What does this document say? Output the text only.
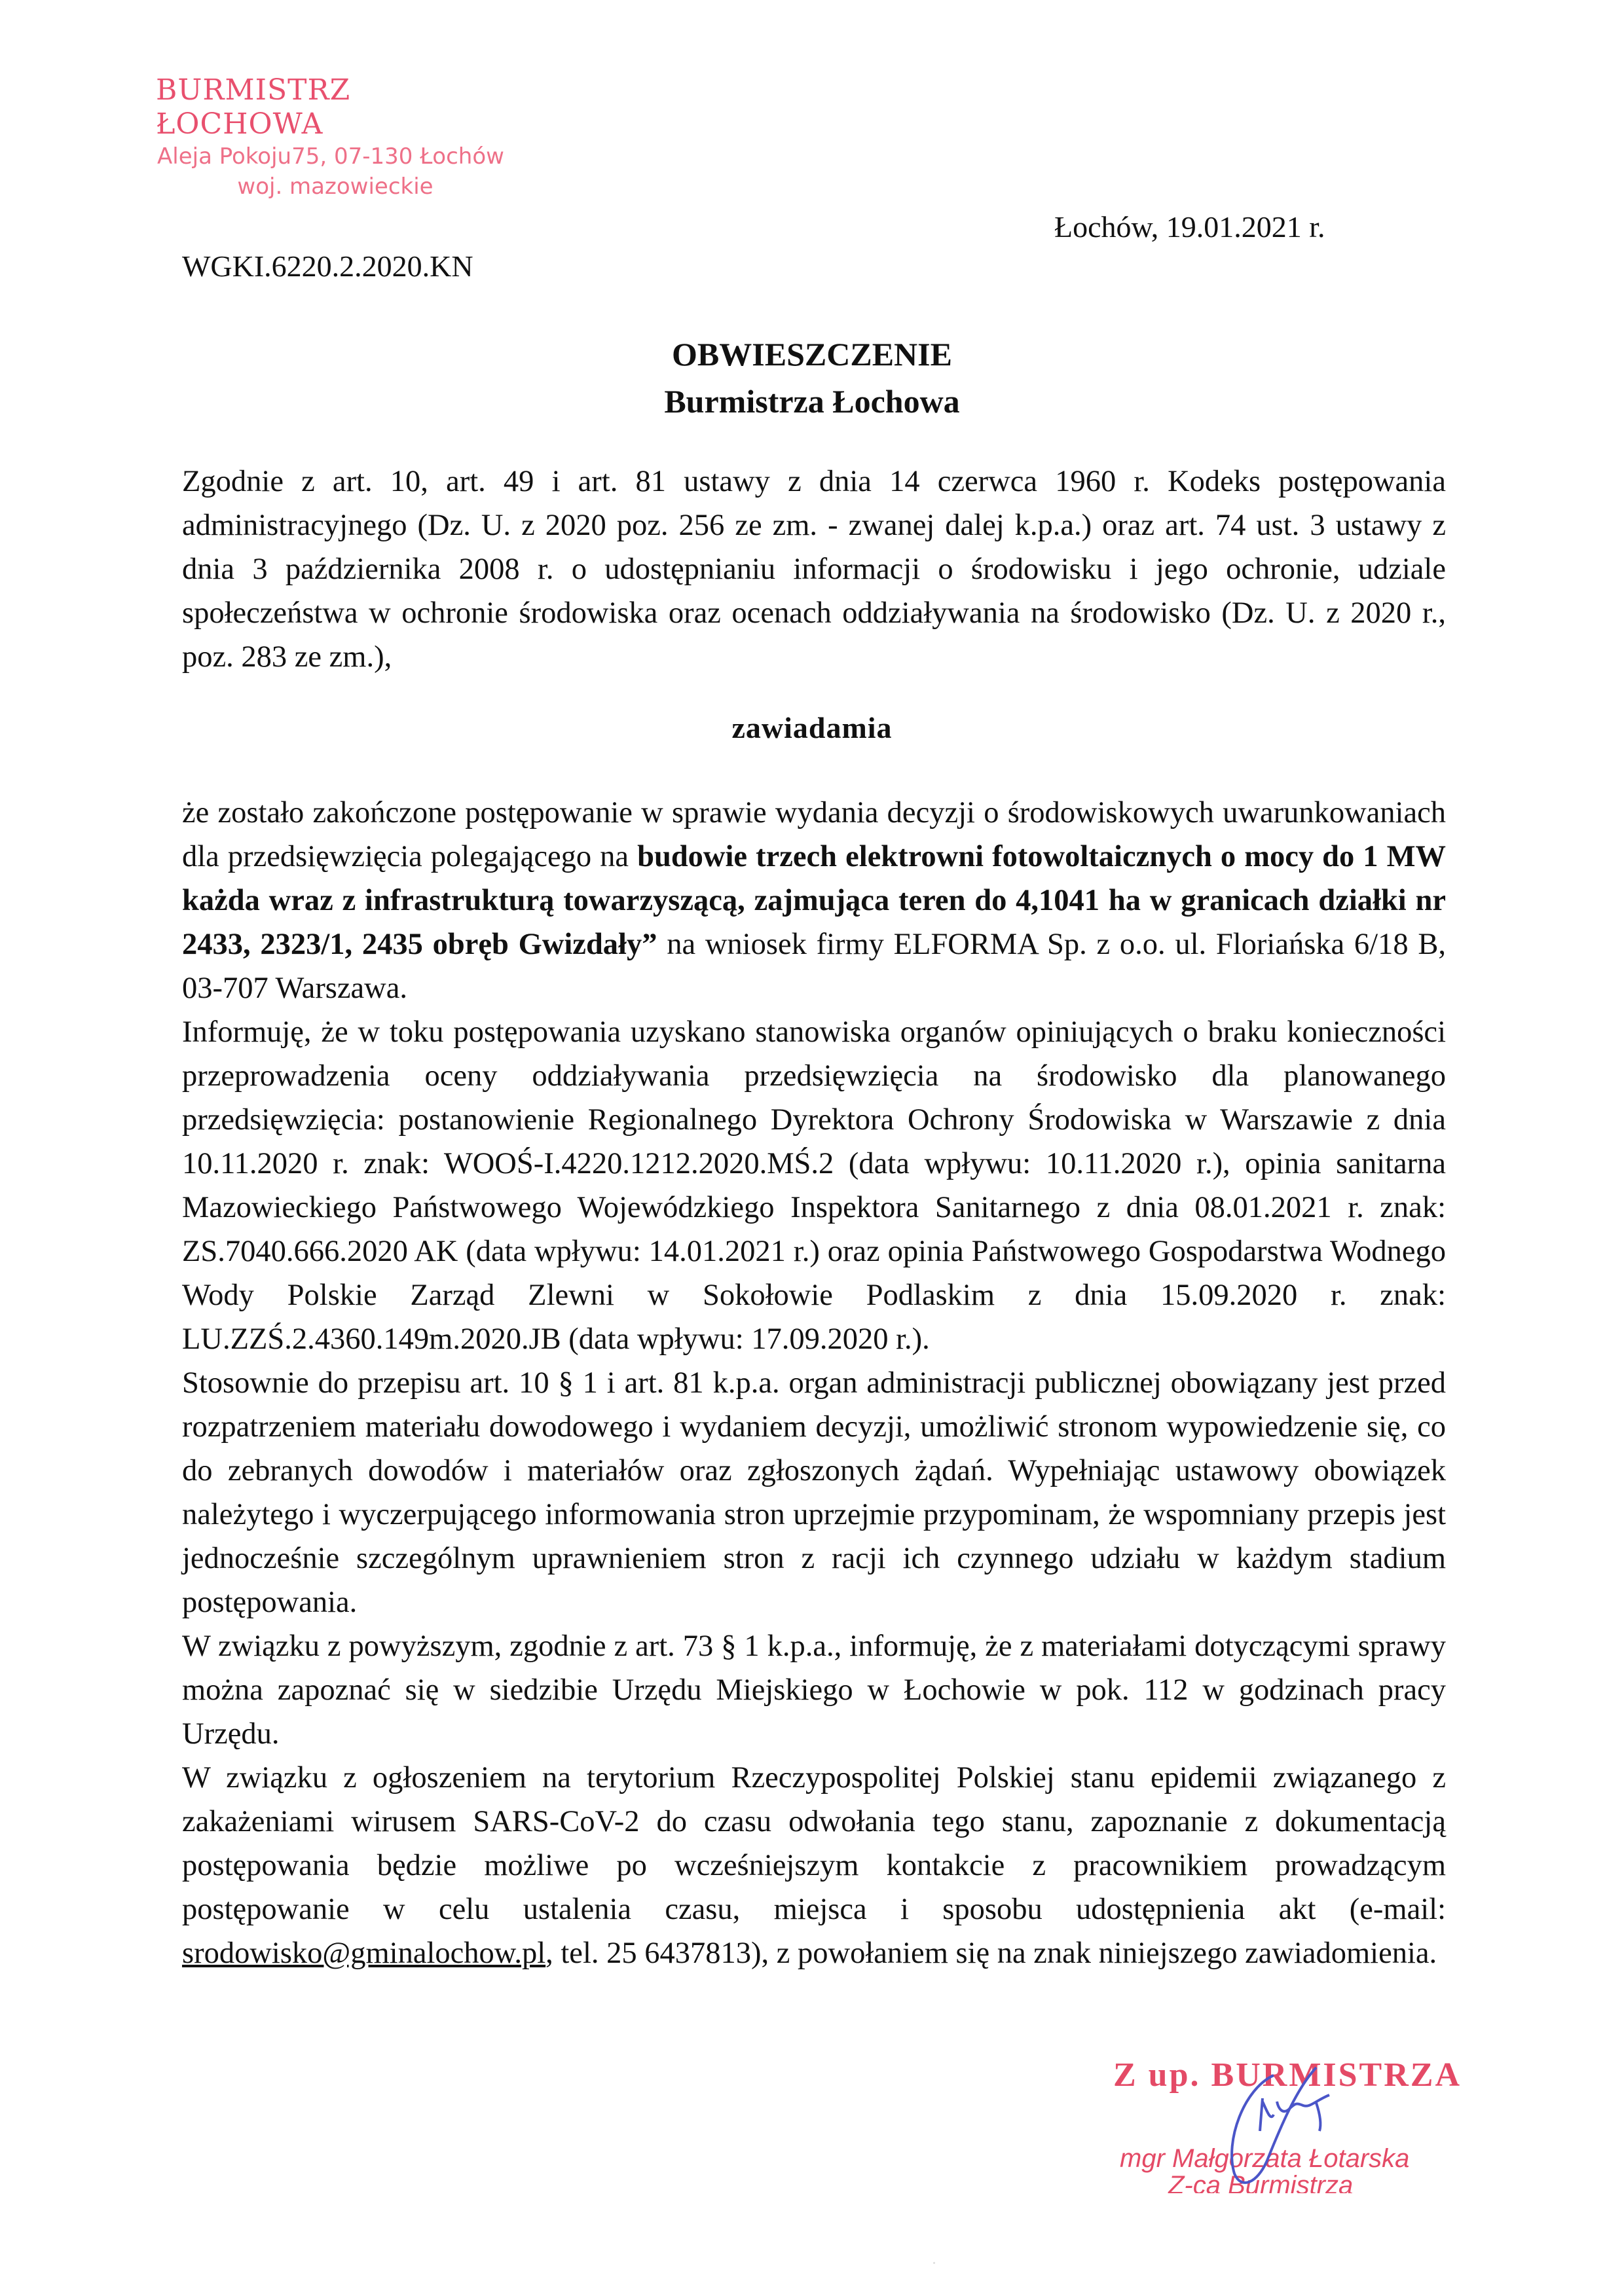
BURMISTRZ ŁOCHOWA
Aleja Pokoju75, 07-130 Łochów
woj. mazowieckie
Łochów, 19.01.2021 r.
WGKI.6220.2.2020.KN
OBWIESZCZENIE
Burmistrza Łochowa

Zgodnie z art. 10, art. 49 i art. 81 ustawy z dnia 14 czerwca 1960 r. Kodeks postępowania administracyjnego (Dz. U. z 2020 poz. 256 ze zm. - zwanej dalej k.p.a.) oraz art. 74 ust. 3 ustawy z dnia 3 października 2008 r. o udostępnianiu informacji o środowisku i jego ochronie, udziale społeczeństwa w ochronie środowiska oraz ocenach oddziaływania na środowisko (Dz. U. z 2020 r., poz. 283 ze zm.),

zawiadamia

że zostało zakończone postępowanie w sprawie wydania decyzji o środowiskowych uwarunkowaniach dla przedsięwzięcia polegającego na budowie trzech elektrowni fotowoltaicznych o mocy do 1 MW każda wraz z infrastrukturą towarzyszącą, zajmująca teren do 4,1041 ha w granicach działki nr 2433, 2323/1, 2435 obręb Gwizdały” na wniosek firmy ELFORMA Sp. z o.o. ul. Floriańska 6/18 B, 03-707 Warszawa.

Informuję, że w toku postępowania uzyskano stanowiska organów opiniujących o braku konieczności przeprowadzenia oceny oddziaływania przedsięwzięcia na środowisko dla planowanego przedsięwzięcia: postanowienie Regionalnego Dyrektora Ochrony Środowiska w Warszawie z dnia 10.11.2020 r. znak: WOOŚ-I.4220.1212.2020.MŚ.2 (data wpływu: 10.11.2020 r.), opinia sanitarna Mazowieckiego Państwowego Wojewódzkiego Inspektora Sanitarnego z dnia 08.01.2021 r. znak: ZS.7040.666.2020 AK (data wpływu: 14.01.2021 r.) oraz opinia Państwowego Gospodarstwa Wodnego Wody Polskie Zarząd Zlewni w Sokołowie Podlaskim z dnia 15.09.2020 r. znak: LU.ZZŚ.2.4360.149m.2020.JB (data wpływu: 17.09.2020 r.).

Stosownie do przepisu art. 10 § 1 i art. 81 k.p.a. organ administracji publicznej obowiązany jest przed rozpatrzeniem materiału dowodowego i wydaniem decyzji, umożliwić stronom wypowiedzenie się, co do zebranych dowodów i materiałów oraz zgłoszonych żądań. Wypełniając ustawowy obowiązek należytego i wyczerpującego informowania stron uprzejmie przypominam, że wspomniany przepis jest jednocześnie szczególnym uprawnieniem stron z racji ich czynnego udziału w każdym stadium postępowania.

W związku z powyższym, zgodnie z art. 73 § 1 k.p.a., informuję, że z materiałami dotyczącymi sprawy można zapoznać się w siedzibie Urzędu Miejskiego w Łochowie w pok. 112 w godzinach pracy Urzędu.

W związku z ogłoszeniem na terytorium Rzeczypospolitej Polskiej stanu epidemii związanego z zakażeniami wirusem SARS-CoV-2 do czasu odwołania tego stanu, zapoznanie z dokumentacją postępowania będzie możliwe po wcześniejszym kontakcie z pracownikiem prowadzącym postępowanie w celu ustalenia czasu, miejsca i sposobu udostępnienia akt (e-mail: srodowisko@gminalochow.pl, tel. 25 6437813), z powołaniem się na znak niniejszego zawiadomienia.

Z up. BURMISTRZA
mgr Małgorzata Łotarska
Z-ca Burmistrza
